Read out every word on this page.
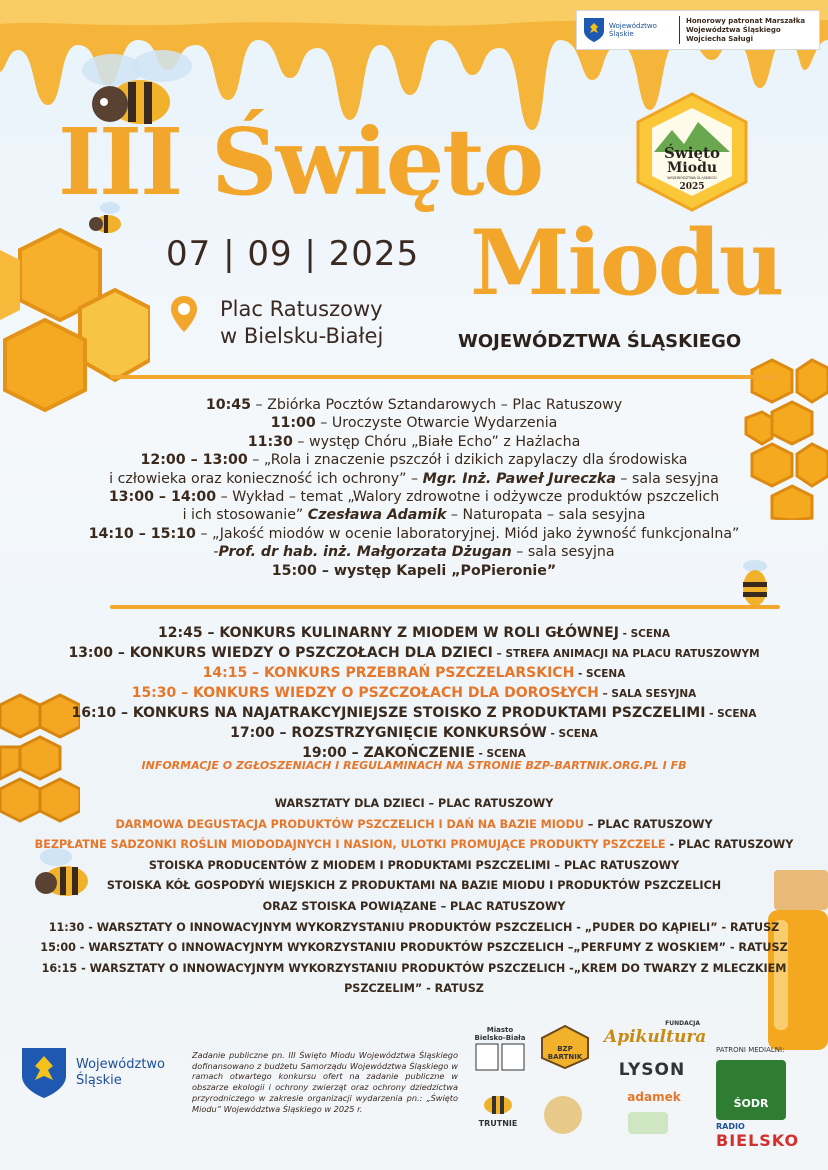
Województwo Śląskie
Honorowy patronat Marszałka Województwa Śląskiego Wojciecha Saługi
III Święto
Miodu
Święto
Miodu
WOJEWÓDZTWA ŚLĄSKIEGO
2025
07 | 09 | 2025
Plac Ratuszowy
w Bielsku-Białej	WOJEWÓDZTWA ŚLĄSKIEGO
10:45 – Zbiórka Pocztów Sztandarowych – Plac Ratuszowy
11:00 – Uroczyste Otwarcie Wydarzenia
11:30 – występ Chóru „Białe Echo” z Hażlacha
12:00 – 13:00 – „Rola i znaczenie pszczół i dzikich zapylaczy dla środowiska
i człowieka oraz konieczność ich ochrony” – Mgr. Inż. Paweł Jureczka – sala sesyjna
13:00 – 14:00 – Wykład – temat „Walory zdrowotne i odżywcze produktów pszczelich
i ich stosowanie” Czesława Adamik – Naturopata – sala sesyjna
14:10 – 15:10 – „Jakość miodów w ocenie laboratoryjnej. Miód jako żywność funkcjonalna”
-Prof. dr hab. inż. Małgorzata Dżugan – sala sesyjna
15:00 – występ Kapeli „PoPieronie”
12:45 – KONKURS KULINARNY Z MIODEM W ROLI GŁÓWNEJ - SCENA
13:00 – KONKURS WIEDZY O PSZCZOŁACH DLA DZIECI – STREFA ANIMACJI NA PLACU RATUSZOWYM
14:15 – KONKURS PRZEBRAŃ PSZCZELARSKICH - SCENA
15:30 – KONKURS WIEDZY O PSZCZOŁACH DLA DOROSŁYCH – SALA SESYJNA
16:10 – KONKURS NA NAJATRAKCYJNIEJSZE STOISKO Z PRODUKTAMI PSZCZELIMI - SCENA
17:00 – ROZSTRZYGNIĘCIE KONKURSÓW - SCENA
19:00 – ZAKOŃCZENIE - SCENA
INFORMACJE O ZGŁOSZENIACH I REGULAMINACH NA STRONIE BZP-BARTNIK.ORG.PL I FB
WARSZTATY DLA DZIECI – PLAC RATUSZOWY
DARMOWA DEGUSTACJA PRODUKTÓW PSZCZELICH I DAŃ NA BAZIE MIODU – PLAC RATUSZOWY
BEZPŁATNE SADZONKI ROŚLIN MIODODAJNYCH I NASION, ULOTKI PROMUJĄCE PRODUKTY PSZCZELE - PLAC RATUSZOWY
STOISKA PRODUCENTÓW Z MIODEM I PRODUKTAMI PSZCZELIMI – PLAC RATUSZOWY
STOISKA KÓŁ GOSPODYŃ WIEJSKICH Z PRODUKTAMI NA BAZIE MIODU I PRODUKTÓW PSZCZELICH
ORAZ STOISKA POWIĄZANE – PLAC RATUSZOWY
11:30 - WARSZTATY O INNOWACYJNYM WYKORZYSTANIU PRODUKTÓW PSZCZELICH - „PUDER DO KĄPIELI” - RATUSZ
15:00 - WARSZTATY O INNOWACYJNYM WYKORZYSTANIU PRODUKTÓW PSZCZELICH –„PERFUMY Z WOSKIEM” - RATUSZ
16:15 - WARSZTATY O INNOWACYJNYM WYKORZYSTANIU PRODUKTÓW PSZCZELICH -„KREM DO TWARZY Z MLECZKIEM
PSZCZELIM” - RATUSZ
Województwo Śląskie
Zadanie publiczne pn. III Święto Miodu Województwa Śląskiego dofinansowano z budżetu Samorządu Województwa Śląskiego w ramach otwartego konkursu ofert na zadanie publiczne w obszarze ekologii i ochrony zwierząt oraz ochrony dziedzictwa przyrodniczego w zakresie organizacji wydarzenia pn.: „Święto Miodu” Województwa Śląskiego w 2025 r.
Miasto Bielsko-Biała
BZP BARTNIK
FUNDACJA
Apikultura
LYSON
adamek
TRUTNIE
PATRONI MEDIALNI:
ŚODR
RADIO
BIELSKO
